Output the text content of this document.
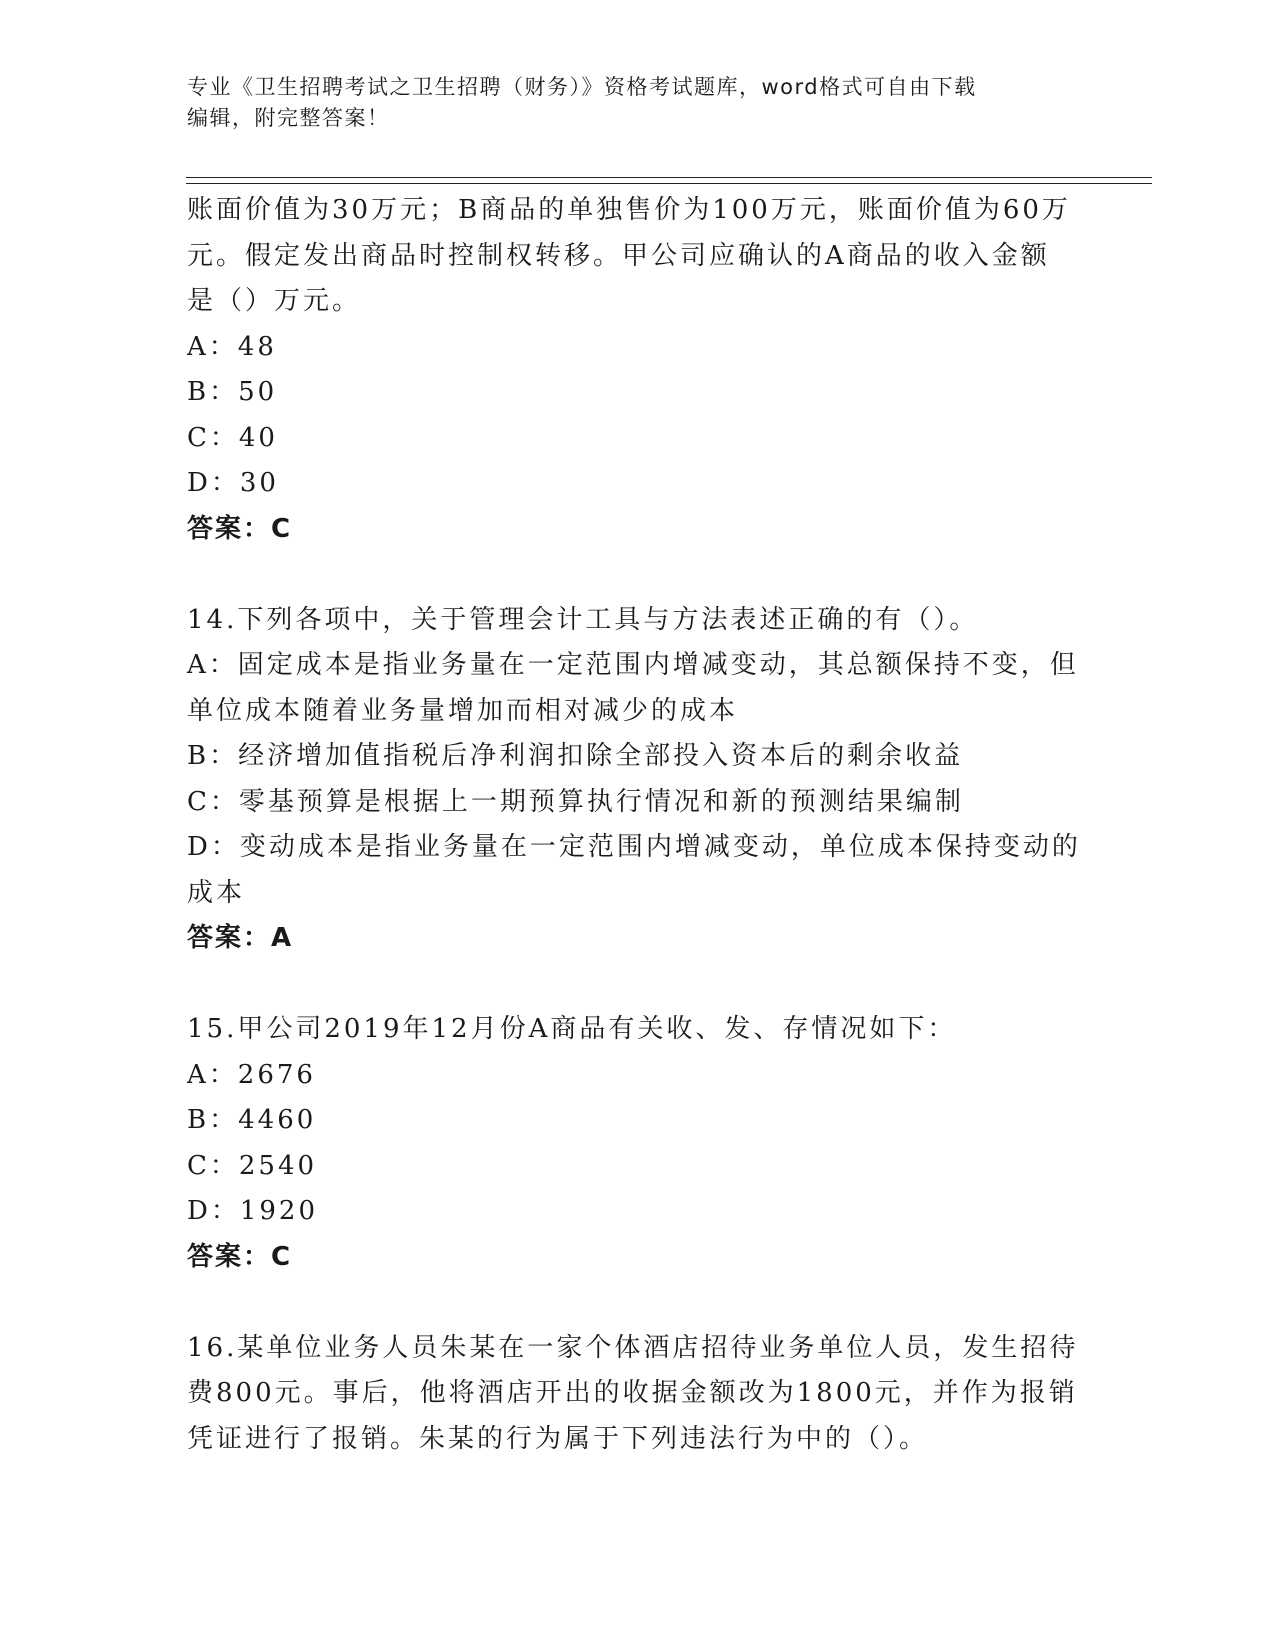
专业《卫生招聘考试之卫生招聘（财务）》资格考试题库，word格式可自由下载
编辑，附完整答案！
账面价值为30万元；B商品的单独售价为100万元，账面价值为60万
元。假定发出商品时控制权转移。甲公司应确认的A商品的收入金额
是（）万元。
A：48
B：50
C：40
D：30
答案：C
14.下列各项中，关于管理会计工具与方法表述正确的有（）。
A：固定成本是指业务量在一定范围内增减变动，其总额保持不变，但
单位成本随着业务量增加而相对减少的成本
B：经济增加值指税后净利润扣除全部投入资本后的剩余收益
C：零基预算是根据上一期预算执行情况和新的预测结果编制
D：变动成本是指业务量在一定范围内增减变动，单位成本保持变动的
成本
答案：A
15.甲公司2019年12月份A商品有关收、发、存情况如下：
A：2676
B：4460
C：2540
D：1920
答案：C
16.某单位业务人员朱某在一家个体酒店招待业务单位人员，发生招待
费800元。事后，他将酒店开出的收据金额改为1800元，并作为报销
凭证进行了报销。朱某的行为属于下列违法行为中的（）。
